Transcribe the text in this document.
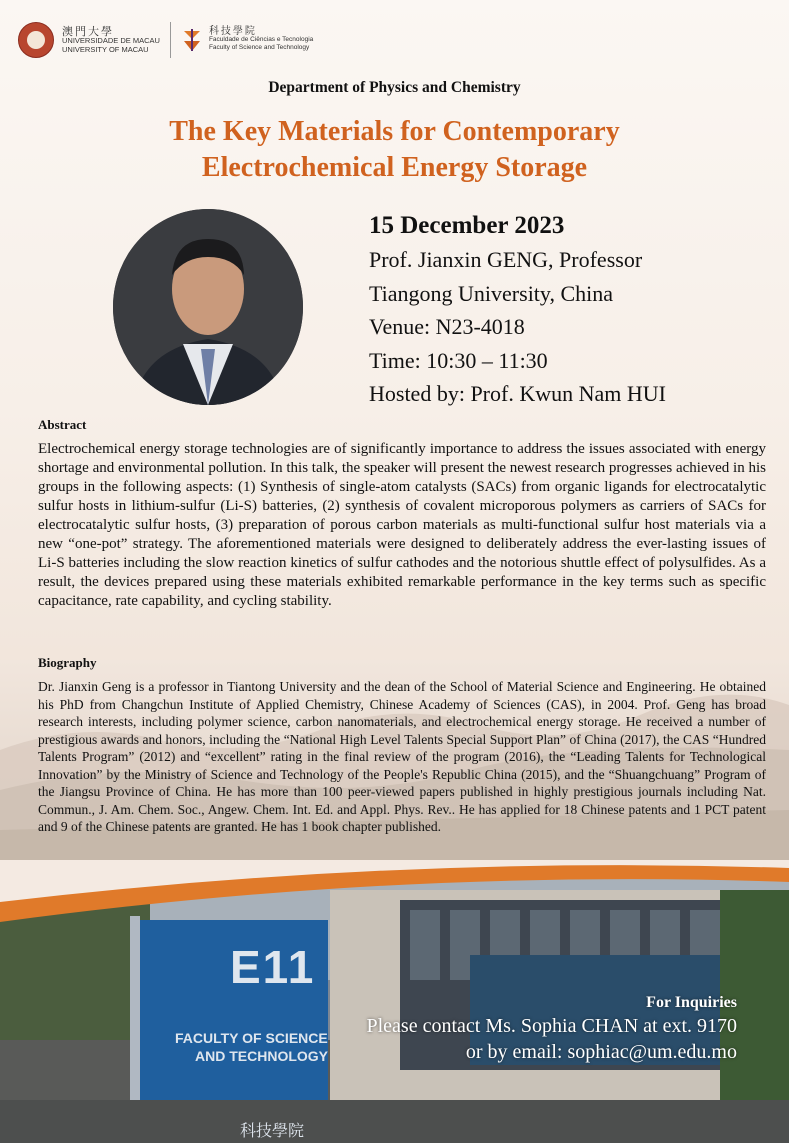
E11
FACULTY OF SCIENCE
AND TECHNOLOGY
科技學院
澳門大學
UNIVERSIDADE DE MACAU
UNIVERSITY OF MACAU
科技學院
Faculdade de Ciências e Tecnologia
Faculty of Science and Technology
Department of Physics and Chemistry
The Key Materials for Contemporary
Electrochemical Energy Storage
15 December 2023
Prof. Jianxin GENG, Professor
Tiangong University, China
Venue: N23-4018
Time: 10:30 – 11:30
Hosted by: Prof. Kwun Nam HUI
Abstract
Electrochemical energy storage technologies are of significantly importance to address the issues associated with energy shortage and environmental pollution. In this talk, the speaker will present the newest research progresses achieved in his groups in the following aspects: (1) Synthesis of single-atom catalysts (SACs) from organic ligands for electrocatalytic sulfur hosts in lithium-sulfur (Li-S) batteries, (2) synthesis of covalent microporous polymers as carriers of SACs for electrocatalytic sulfur hosts, (3) preparation of porous carbon materials as multi-functional sulfur host materials via a new “one-pot” strategy. The aforementioned materials were designed to deliberately address the ever-lasting issues of Li-S batteries including the slow reaction kinetics of sulfur cathodes and the notorious shuttle effect of polysulfides. As a result, the devices prepared using these materials exhibited remarkable performance in the key terms such as specific capacitance, rate capability, and cycling stability.
Biography
Dr. Jianxin Geng is a professor in Tiantong University and the dean of the School of Material Science and Engineering. He obtained his PhD from Changchun Institute of Applied Chemistry, Chinese Academy of Sciences (CAS), in 2004. Prof. Geng has broad research interests, including polymer science, carbon nanomaterials, and electrochemical energy storage. He received a number of prestigious awards and honors, including the “National High Level Talents Special Support Plan” of China (2017), the CAS “Hundred Talents Program” (2012) and “excellent” rating in the final review of the program (2016), the “Leading Talents for Technological Innovation” by the Ministry of Science and Technology of the People's Republic China (2015), and the “Shuangchuang” Program of the Jiangsu Province of China. He has more than 100 peer-viewed papers published in highly prestigious journals including Nat. Commun., J. Am. Chem. Soc., Angew. Chem. Int. Ed. and Appl. Phys. Rev.. He has applied for 18 Chinese patents and 1 PCT patent and 9 of the Chinese patents are granted. He has 1 book chapter published.
For Inquiries
Please contact Ms. Sophia CHAN at ext. 9170
or by email: sophiac@um.edu.mo
